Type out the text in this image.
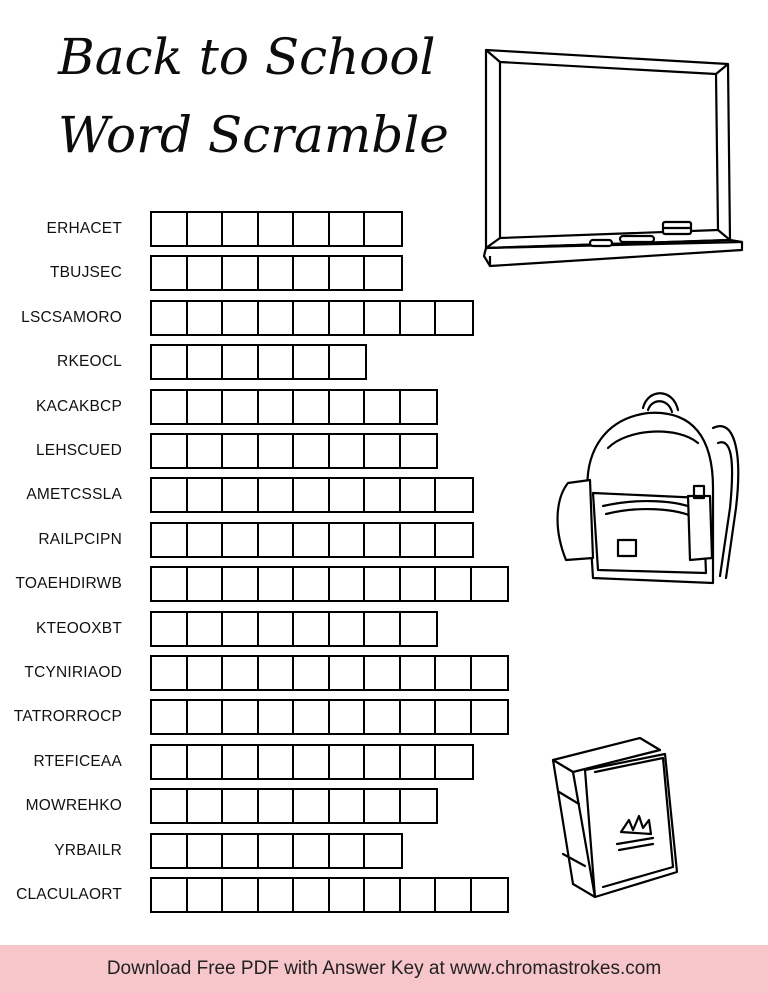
Back to School
Word Scramble
ERHACET
TBUJSEC
LSCSAMORO
RKEOCL
KACAKBCP
LEHSCUED
AMETCSSLA
RAILPCIPN
TOAEHDIRWB
KTEOOXBT
TCYNIRIAOD
TATRORROCP
RTEFICEAA
MOWREHKO
YRBAILR
CLACULAORT
Download Free PDF with Answer Key at www.chromastrokes.com
